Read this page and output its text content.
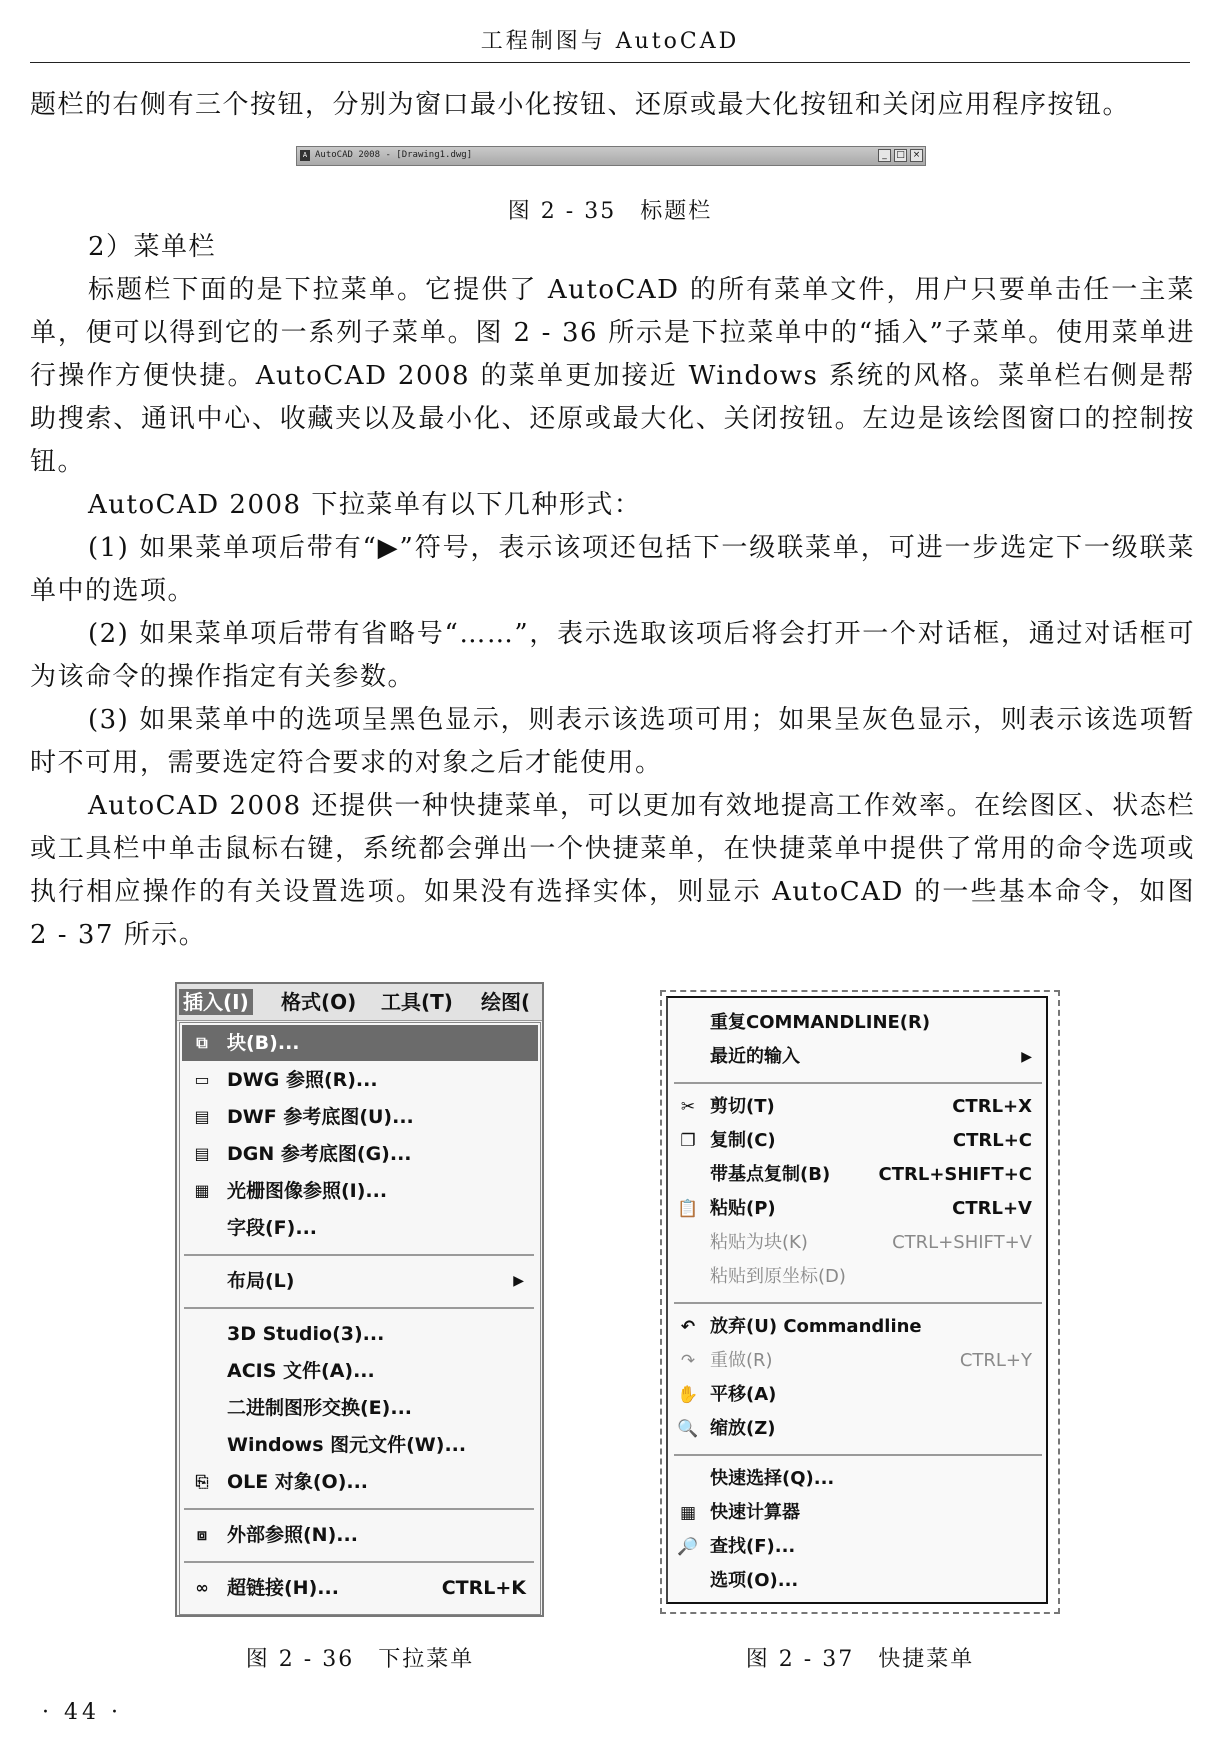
工程制图与 AutoCAD

题栏的右侧有三个按钮，分别为窗口最小化按钮、还原或最大化按钮和关闭应用程序按钮。

A AutoCAD 2008 - [Drawing1.dwg]	_	□ ×
图 2 - 35　标题栏

2）菜单栏

标题栏下面的是下拉菜单。它提供了 AutoCAD 的所有菜单文件，用户只要单击任一主菜单，便可以得到它的一系列子菜单。图 2 - 36 所示是下拉菜单中的“插入”子菜单。使用菜单进行操作方便快捷。AutoCAD 2008 的菜单更加接近 Windows 系统的风格。菜单栏右侧是帮助搜索、通讯中心、收藏夹以及最小化、还原或最大化、关闭按钮。左边是该绘图窗口的控制按钮。

AutoCAD 2008 下拉菜单有以下几种形式：

(1) 如果菜单项后带有“▶”符号，表示该项还包括下一级联菜单，可进一步选定下一级联菜单中的选项。

(2) 如果菜单项后带有省略号“……”，表示选取该项后将会打开一个对话框，通过对话框可为该命令的操作指定有关参数。

(3) 如果菜单中的选项呈黑色显示，则表示该选项可用；如果呈灰色显示，则表示该选项暂时不可用，需要选定符合要求的对象之后才能使用。

AutoCAD 2008 还提供一种快捷菜单，可以更加有效地提高工作效率。在绘图区、状态栏或工具栏中单击鼠标右键，系统都会弹出一个快捷菜单，在快捷菜单中提供了常用的命令选项或执行相应操作的有关设置选项。如果没有选择实体，则显示 AutoCAD 的一些基本命令，如图 2 - 37 所示。

插入(I) 格式(O) 工具(T) 绘图(
⧉	块(B)...
▭ DWG 参照(R)...
▤ DWF 参考底图(U)...
▤ DGN 参考底图(G)...
▦ 光栅图像参照(I)...
字段(F)...
布局(L)	▶
3D Studio(3)...
ACIS 文件(A)...
二进制图形交换(E)...
Windows 图元文件(W)...
⎘ OLE 对象(O)...
⧈	外部参照(N)...
∞ 超链接(H)...	CTRL+K
图 2 - 36　下拉菜单
重复COMMANDLINE(R)
最近的输入	▶
✂ 剪切(T)	CTRL+X
❐ 复制(C)	CTRL+C
带基点复制(B)	CTRL+SHIFT+C
📋 粘贴(P)	CTRL+V
粘贴为块(K)	CTRL+SHIFT+V
粘贴到原坐标(D)
↶ 放弃(U) Commandline
↷ 重做(R)	CTRL+Y
✋ 平移(A)
🔍 缩放(Z)
快速选择(Q)...
▦ 快速计算器
🔎 查找(F)...
选项(O)...
图 2 - 37　快捷菜单
· 44 ·
